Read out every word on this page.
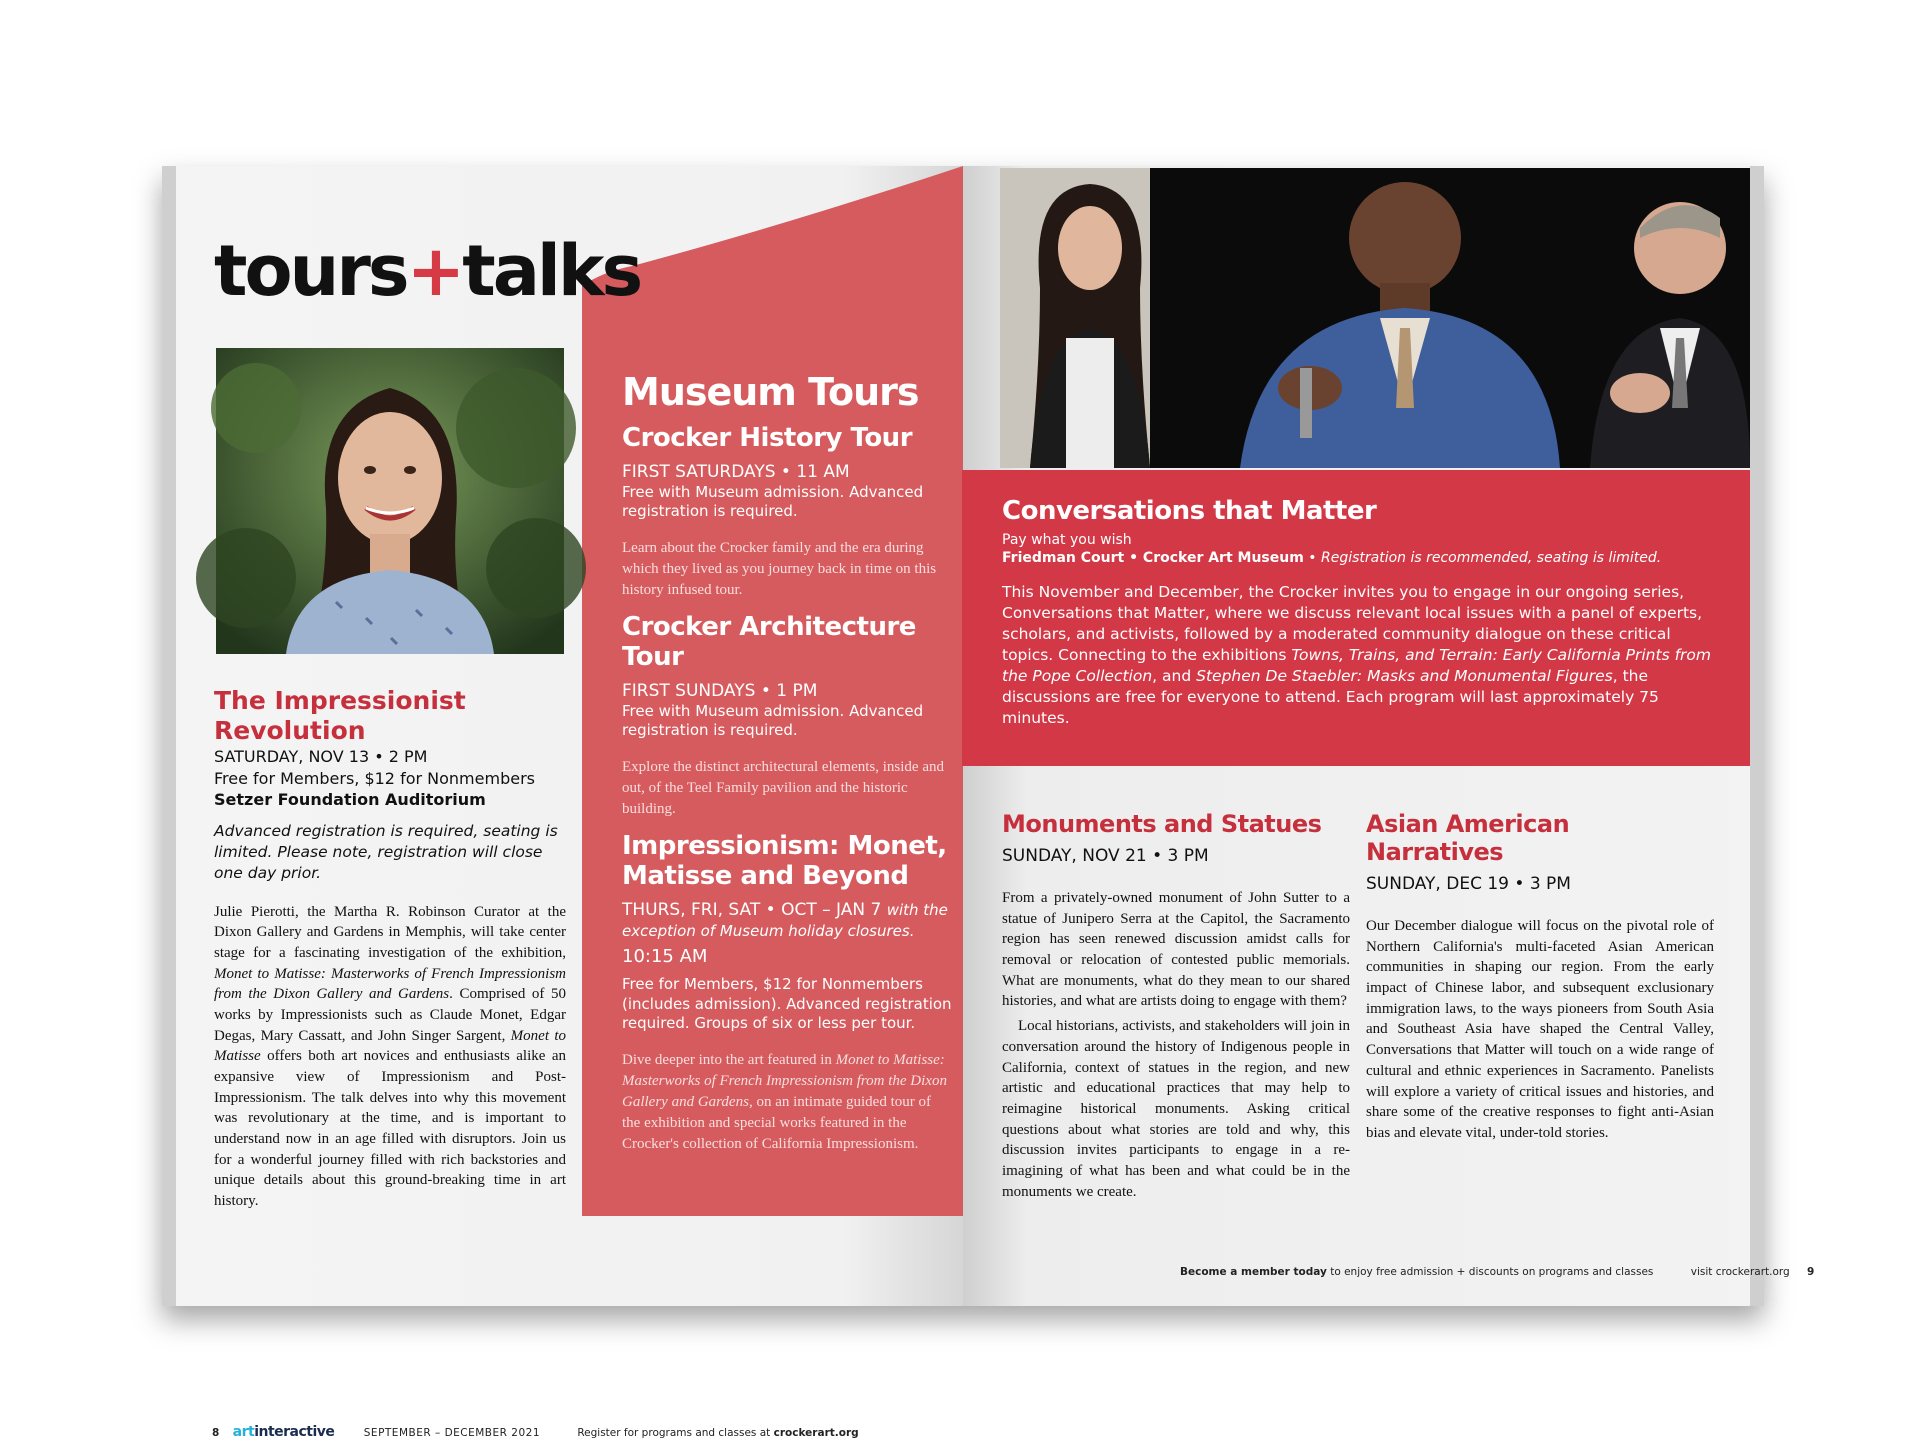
tours+talks
The Impressionist Revolution
SATURDAY, NOV 13 • 2 PM
Free for Members, $12 for Nonmembers
Setzer Foundation Auditorium
Advanced registration is required, seating is limited. Please note, registration will close one day prior.
Julie Pierotti, the Martha R. Robinson Curator at the Dixon Gallery and Gardens in Memphis, will take center stage for a fascinating investigation of the exhibition, Monet to Matisse: Masterworks of French Impressionism from the Dixon Gallery and Gardens. Comprised of 50 works by Impressionists such as Claude Monet, Edgar Degas, Mary Cassatt, and John Singer Sargent, Monet to Matisse offers both art novices and enthusiasts alike an expansive view of Impressionism and Post-Impressionism. The talk delves into why this movement was revolutionary at the time, and is important to understand now in an age filled with disruptors. Join us for a wonderful journey filled with rich backstories and unique details about this ground-breaking time in art history.
Museum Tours
Crocker History Tour
FIRST SATURDAYS • 11 AM
Free with Museum admission. Advanced registration is required.
Learn about the Crocker family and the era during which they lived as you journey back in time on this history infused tour.
Crocker Architecture Tour
FIRST SUNDAYS • 1 PM
Free with Museum admission. Advanced registration is required.
Explore the distinct architectural elements, inside and out, of the Teel Family pavilion and the historic building.
Impressionism: Monet, Matisse and Beyond
THURS, FRI, SAT • OCT – JAN 7 with the exception of Museum holiday closures.
10:15 AM
Free for Members, $12 for Nonmembers (includes admission). Advanced registration required. Groups of six or less per tour.
Dive deeper into the art featured in Monet to Matisse: Masterworks of French Impressionism from the Dixon Gallery and Gardens, on an intimate guided tour of the exhibition and special works featured in the Crocker's collection of California Impressionism.
8 artinteractive	SEPTEMBER – DECEMBER 2021	Register for programs and classes at crockerart.org
Conversations that Matter
Pay what you wish
Friedman Court • Crocker Art Museum • Registration is recommended, seating is limited.
This November and December, the Crocker invites you to engage in our ongoing series, Conversations that Matter, where we discuss relevant local issues with a panel of experts, scholars, and activists, followed by a moderated community dialogue on these critical topics. Connecting to the exhibitions Towns, Trains, and Terrain: Early California Prints from the Pope Collection, and Stephen De Staebler: Masks and Monumental Figures, the discussions are free for everyone to attend. Each program will last approximately 75 minutes.
Monuments and Statues
SUNDAY, NOV 21 • 3 PM
From a privately-owned monument of John Sutter to a statue of Junipero Serra at the Capitol, the Sacramento region has seen renewed discussion amidst calls for removal or relocation of contested public memorials. What are monuments, what do they mean to our shared histories, and what are artists doing to engage with them?
Local historians, activists, and stakeholders will join in conversation around the history of Indigenous people in California, context of statues in the region, and new artistic and educational practices that may help to reimagine historical monuments. Asking critical questions about what stories are told and why, this discussion invites participants to engage in a re-imagining of what has been and what could be in the monuments we create.
Asian American Narratives
SUNDAY, DEC 19 • 3 PM
Our December dialogue will focus on the pivotal role of Northern California's multi-faceted Asian American communities in shaping our region. From the early impact of Chinese labor, and subsequent exclusionary immigration laws, to the ways pioneers from South Asia and Southeast Asia have shaped the Central Valley, Conversations that Matter will touch on a wide range of cultural and ethnic experiences in Sacramento. Panelists will explore a variety of critical issues and histories, and share some of the creative responses to fight anti-Asian bias and elevate vital, under-told stories.
Become a member today to enjoy free admission + discounts on programs and classes	visit crockerart.org 9
